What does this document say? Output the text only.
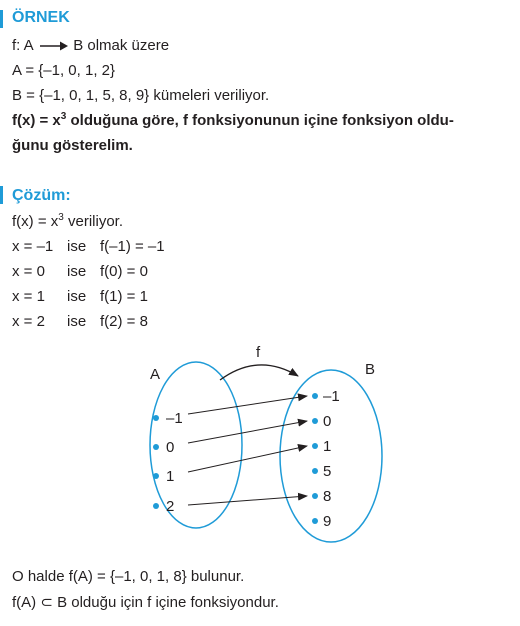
ÖRNEK
f: A	B olmak üzere
A = {–1, 0, 1, 2}
B = {–1, 0, 1, 5, 8, 9} kümeleri veriliyor.
$f(x) = x^3$ olduğuna göre, f fonksiyonunun içine fonksiyon oldu-
ğunu gösterelim.
Çözüm:
$f(x) = x^3$ veriliyor.
x = –1 ise f(–1) = –1
x = 0 ise f(0) = 0
x = 1 ise f(1) = 1
x = 2 ise f(2) = 8
A	B
f
–1
0
1
2
–1
0
1
5
8
9
O halde f(A) = {–1, 0, 1, 8} bulunur.
f(A) ⊂ B olduğu için f içine fonksiyondur.
